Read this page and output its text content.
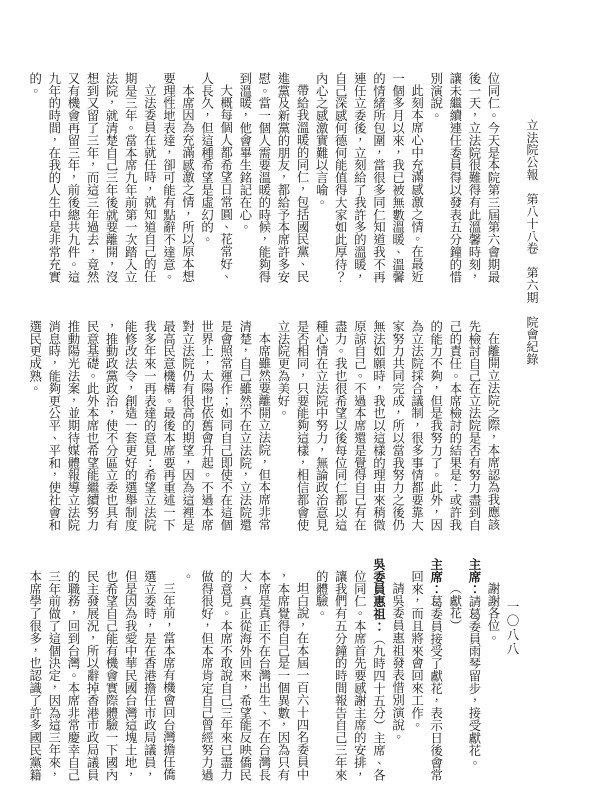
立法院公報　第八十八卷　第六期　院會紀錄
一〇八八

位同仁。今天是本院第三屆第六會期最後一天，立法院很難得有此溫馨時刻，讓未繼續連任委員得以發表五分鐘的惜別演說。

此刻本席心中充滿感激之情。在最近一個多月以來，我已被無數溫暖、溫馨的情緒所包圍，當很多同仁知道我不再連任立委後，立刻給了我許多的溫暖，自己深感何德何能值得大家如此厚待？內心之感激實難以言喻。

帶給我溫暖的同仁，包括國民黨、民進黨及新黨的朋友，都給予本席許多安慰。當一個人需要溫暖的時候，能夠得到溫暖，他會畢生銘記在心。

大概每個人都希望日常圓、花常好、人長久，但這種希望是虛幻的。

本席因為充滿感激之情，所以原本想要理性地表達，卻可能有點辭不達意。

立法委員在就任時，就知道自己的任期是三年。當本席九年前第一次踏入立法院，就清楚自己三年後就要離開，沒想到又留了三年，而這三年過去，竟然又有機會再留三年，前後總共九件。這九年的時間，在我的人生中是非常充實的。

在離開立法院之際，本席認為我應該先檢討自己在立法院是否有努力盡到自己的責任。本席檢討的結果是：或許我的能力不夠，但是我努力了。此外，因為立法院採合議制，很多事情都要靠大家努力共同完成，所以當我努力之後仍無法如願時，我也以這樣的理由來稍微原諒自己。不過本席還是覺得自己有在盡力。我也很希望以後每位同仁都以這種心情在立法院中努力，無論政治意見是否相同，只要能夠這樣，相信都會使立法院更為美好。

本席雖然要離開立法院，但本席非常清楚，自己雖然不在立法院，立法院還是會照常運作；如同自己即使不在這個世界上，太陽也依舊會升起。不過本席對立法院仍有很高的期望，因為這裡是最高民意機構。最後本席要再重述一下我多年來一再表達的意見：希望立法院能修改法令，創造一套更好的選舉制度，推動政黨政治，使不分區立委也具有民意基礎。此外本席也希望能繼續努力推動陽光法案，並期待媒體報導立法院消息時，能夠更公平、平和，使社會和選民更成熟。

謝謝各位。

主席：請葛委員雨琴留步，接受獻花。

（獻花）

主席：葛委員接受了獻花，表示日後會常回來，而且將來會回來工作。

請吳委員惠祖發表惜別演說。

吳委員惠祖：（九時四十五分）主席、各位同仁。本席首先要感謝主席的安排，讓我們有五分鐘的時間報告自己三年來的體驗。

坦白說，在本屆一百六十四名委員中，本席覺得自己是一個異數，因為只有本席是真正不在台灣出生、不在台灣長大，真正從海外回來，希望能反映僑民的意見。本席不敢說自己三年來已盡力做得很好，但本席肯定自己曾經努力過。

三年前，當本席有機會回台灣擔任僑選立委時，是在香港擔任市政局議員，但是因為我愛中華民國台灣這塊土地，也希望自己能有機會實際體驗一下國內民主發展況，所以辭掉香港市政局議員的職務，回到台灣。本席非常慶幸自己三年前做了這個決定，因為這三年來，本席學了很多，也認識了許多國民黨籍
